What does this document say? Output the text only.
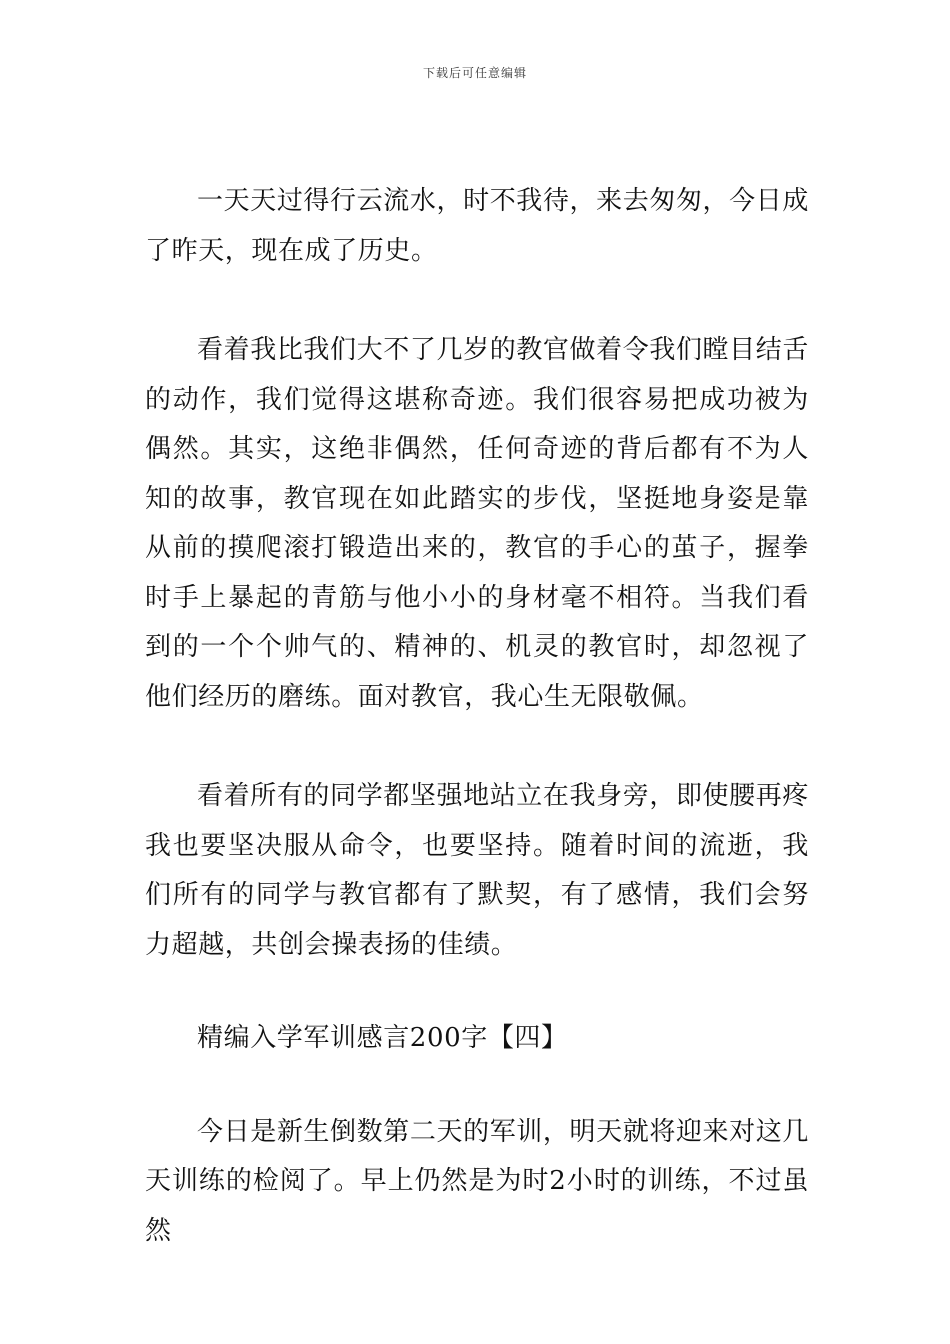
下载后可任意编辑

一天天过得行云流水，时不我待，来去匆匆，今日成了昨天，现在成了历史。

看着我比我们大不了几岁的教官做着令我们瞠目结舌的动作，我们觉得这堪称奇迹。我们很容易把成功被为偶然。其实，这绝非偶然，任何奇迹的背后都有不为人知的故事，教官现在如此踏实的步伐，坚挺地身姿是靠从前的摸爬滚打锻造出来的，教官的手心的茧子，握拳时手上暴起的青筋与他小小的身材毫不相符。当我们看到的一个个帅气的、精神的、机灵的教官时，却忽视了他们经历的磨练。面对教官，我心生无限敬佩。

看着所有的同学都坚强地站立在我身旁，即使腰再疼我也要坚决服从命令，也要坚持。随着时间的流逝，我们所有的同学与教官都有了默契，有了感情，我们会努力超越，共创会操表扬的佳绩。

精编入学军训感言200字【四】

今日是新生倒数第二天的军训，明天就将迎来对这几天训练的检阅了。早上仍然是为时2小时的训练，不过虽然
